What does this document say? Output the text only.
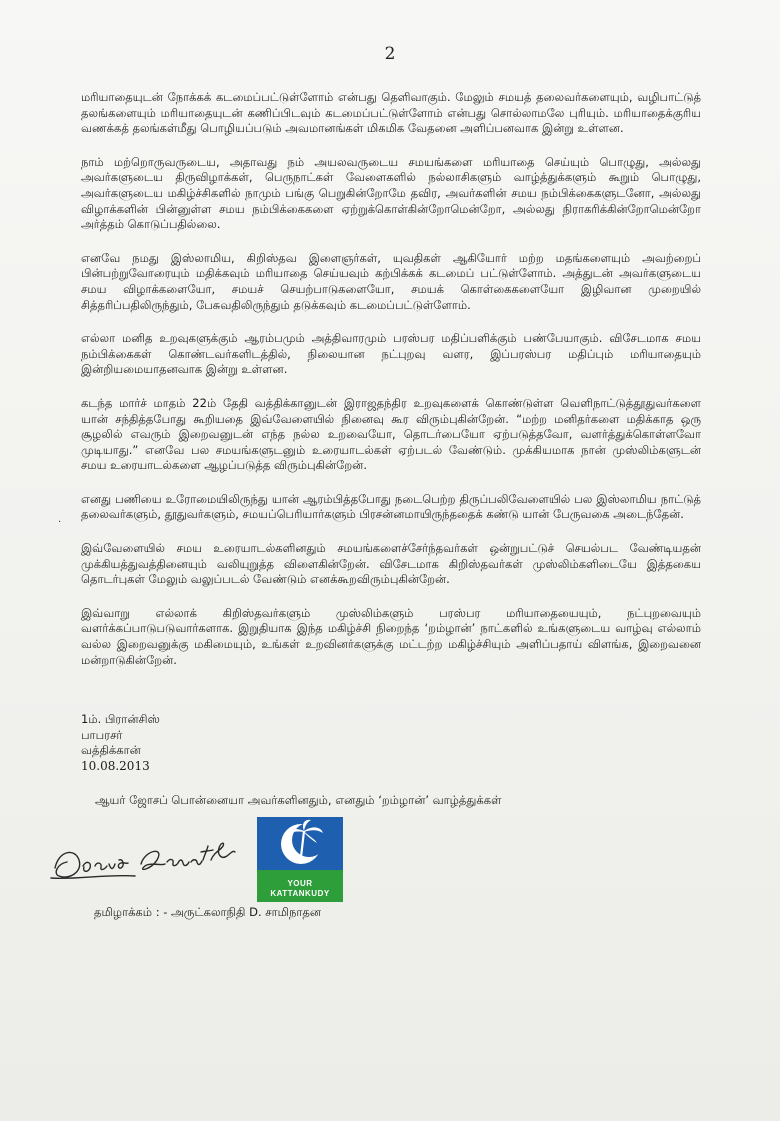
2
·

மரியாதையுடன் நோக்கக் கடமைப்பட்டுள்ளோம் என்பது தெளிவாகும். மேலும் சமயத் தலைவர்களையும், வழிபாட்டுத் தலங்களையும் மரியாதையுடன் கணிப்பிடவும் கடமைப்பட்டுள்ளோம் என்பது சொல்லாமலே புரியும். மரியாதைக்குரிய வணக்கத் தலங்கள்மீது பொழியப்படும் அவமானங்கள் மிகமிக வேதனை அளிப்பனவாக இன்று உள்ளன.

நாம் மற்றொருவருடைய, அதாவது நம் அயலவருடைய சமயங்களை மரியாதை செய்யும் பொழுது, அல்லது அவர்களுடைய திருவிழாக்கள், பெருநாட்கள் வேளைகளில் நல்லாசிகளும் வாழ்த்துக்களும் கூறும் பொழுது, அவர்களுடைய மகிழ்ச்சிகளில் நாமும் பங்கு பெறுகின்றோமே தவிர, அவர்களின் சமய நம்பிக்கைகளுடனோ, அல்லது விழாக்களின் பின்னுள்ள சமய நம்பிக்கைகளை ஏற்றுக்கொள்கின்றோமென்றோ, அல்லது நிராகரிக்கின்றோமென்றோ அர்த்தம் கொடுப்பதில்லை.

எனவே நமது இஸ்லாமிய, கிறிஸ்தவ இளைஞர்கள், யுவதிகள் ஆகியோர் மற்ற மதங்களையும் அவற்றைப் பின்பற்றுவோரையும் மதிக்கவும் மரியாதை செய்யவும் கற்பிக்கக் கடமைப் பட்டுள்ளோம். அத்துடன் அவர்களுடைய சமய விழாக்களையோ, சமயச் செயற்பாடுகளையோ, சமயக் கொள்கைகளையோ இழிவான முறையில் சித்தரிப்பதிலிருந்தும், பேசுவதிலிருந்தும் தடுக்கவும் கடமைப்பட்டுள்ளோம்.

எல்லா மனித உறவுகளுக்கும் ஆரம்பமும் அத்திவாரமும் பரஸ்பர மதிப்பளிக்கும் பண்பேயாகும். விசேடமாக சமய நம்பிக்கைகள் கொண்டவர்களிடத்தில், நிலையான நட்புறவு வளர, இப்பரஸ்பர மதிப்பும் மரியாதையும் இன்றியமையாதனவாக இன்று உள்ளன.

கடந்த மார்ச் மாதம் 22ம் தேதி வத்திக்கானுடன் இராஜதந்திர உறவுகளைக் கொண்டுள்ள வெளிநாட்டுத்தூதுவர்களை யான் சந்தித்தபோது கூறியதை இவ்வேளையில் நினைவு கூர விரும்புகின்றேன். “மற்ற மனிதர்களை மதிக்காத ஒரு சூழலில் எவரும் இறைவனுடன் எந்த நல்ல உறவையோ, தொடர்பையோ ஏற்படுத்தவோ, வளர்த்துக்கொள்ளவோ முடியாது.” எனவே பல சமயங்களுடனும் உரையாடல்கள் ஏற்படல் வேண்டும். முக்கியமாக நான் முஸ்லிம்களுடன் சமய உரையாடல்களை ஆழப்படுத்த விரும்புகின்றேன்.

எனது பணியை உரோமையிலிருந்து யான் ஆரம்பித்தபோது நடைபெற்ற திருப்பலிவேளையில் பல இஸ்லாமிய நாட்டுத் தலைவர்களும், தூதுவர்களும், சமயப்பெரியார்களும் பிரசன்னமாயிருந்ததைக் கண்டு யான் பேருவகை அடைந்தேன்.

இவ்வேளையில் சமய உரையாடல்களினதும் சமயங்களைச்சேர்ந்தவர்கள் ஒன்றுபட்டுச் செயல்பட வேண்டியதன் முக்கியத்துவத்தினையும் வலியுறுத்த விளைகின்றேன். விசேடமாக கிறிஸ்தவர்கள் முஸ்லிம்களிடையே இத்தகைய தொடர்புகள் மேலும் வலுப்படல் வேண்டும் எனக்கூறவிரும்புகின்றேன்.

இவ்வாறு எல்லாக் கிறிஸ்தவர்களும் முஸ்லிம்களும் பரஸ்பர மரியாதையையும், நட்புறவையும் வளர்க்கப்பாடுபடுவார்களாக. இறுதியாக இந்த மகிழ்ச்சி நிறைந்த ‘றம்ழான்’ நாட்களில் உங்களுடைய வாழ்வு எல்லாம் வல்ல இறைவனுக்கு மகிமையும், உங்கள் உறவினர்களுக்கு மட்டற்ற மகிழ்ச்சியும் அளிப்பதாய் விளங்க, இறைவனை மன்றாடுகின்றேன்.

1ம். பிரான்சிஸ்
பாபரசர்
வத்திக்கான்
10.08.2013
ஆயர் ஜோசப் பொன்னையா அவர்களினதும், எனதும் ‘றம்ழான்’ வாழ்த்துக்கள்
YOUR
KATTANKUDY
தமிழாக்கம் : - அருட்கலாநிதி D. சாமிநாதன
